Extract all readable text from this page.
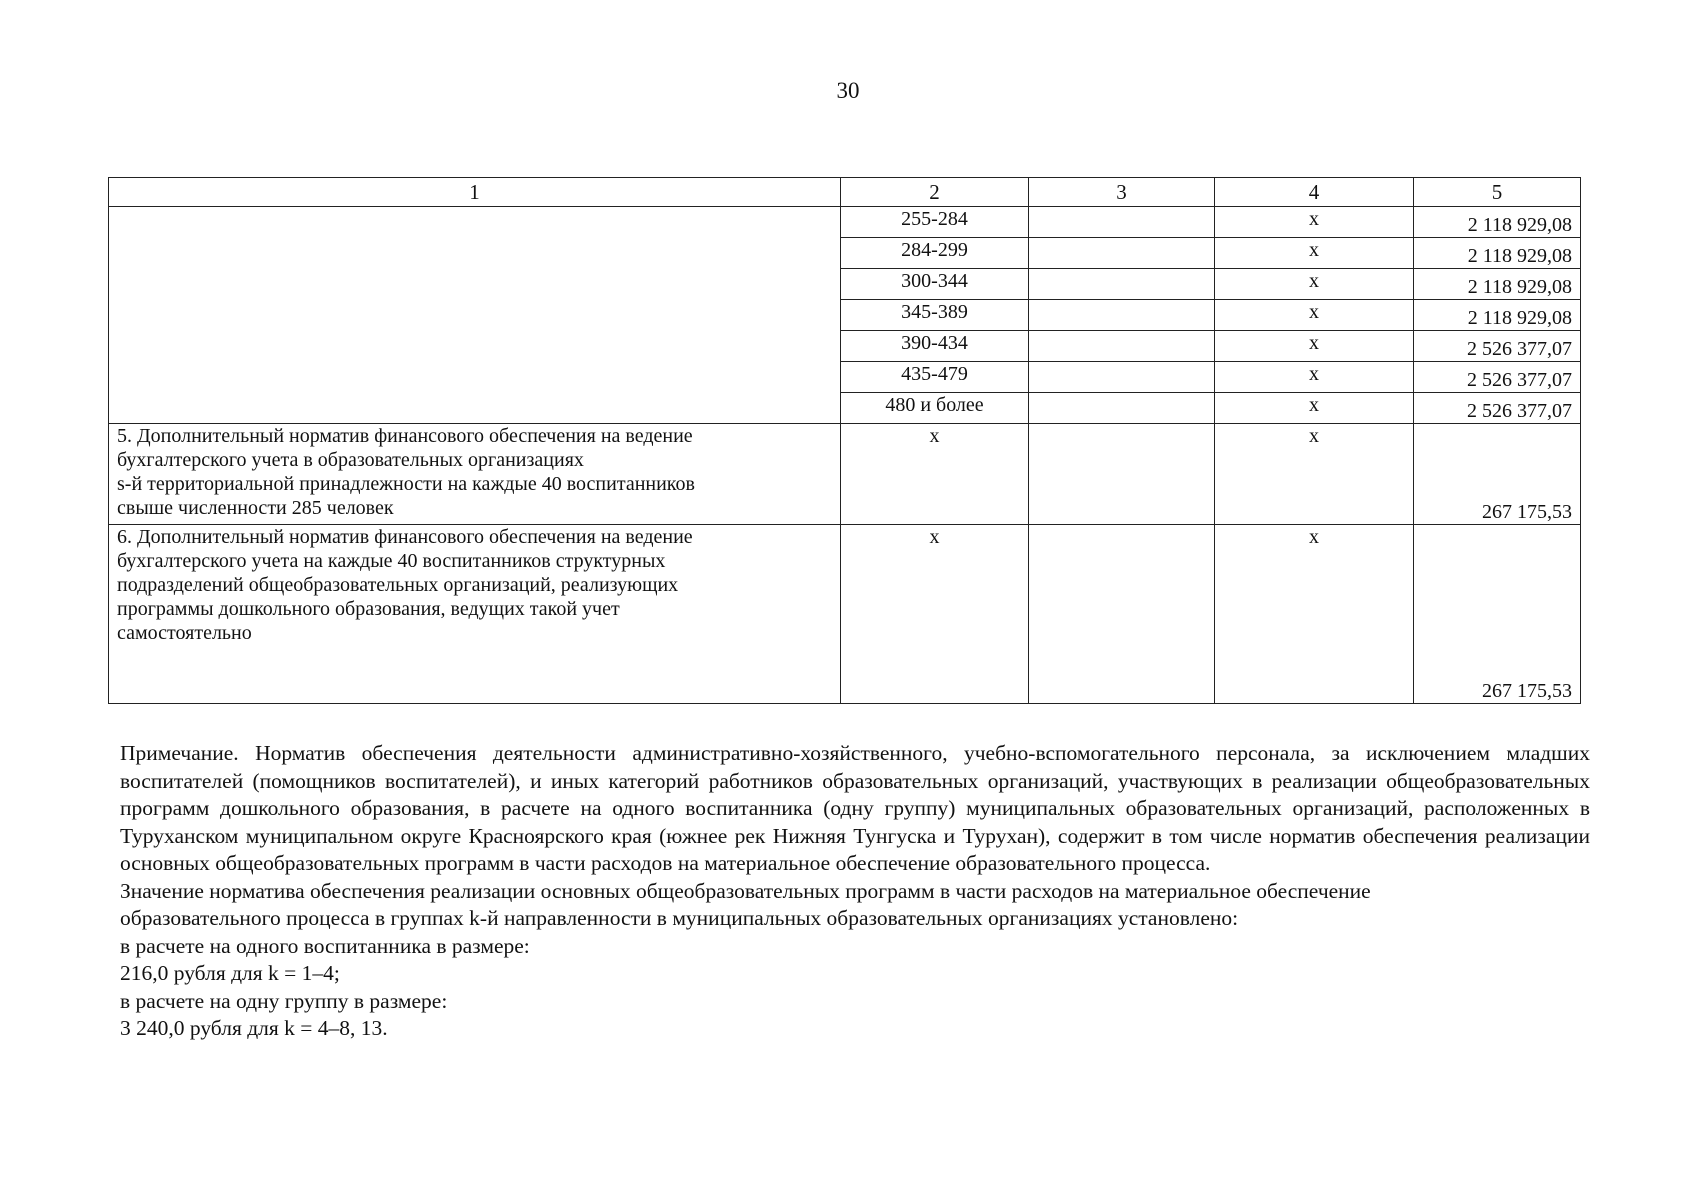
30
1	2	3	4	5
	255-284		x	2 118 929,08
	284-299		x	2 118 929,08
	300-344		x	2 118 929,08
	345-389		x	2 118 929,08
	390-434		x	2 526 377,07
	435-479		x	2 526 377,07
	480 и более		x	2 526 377,07

5. Дополнительный норматив финансового обеспечения на ведение
бухгалтерского учета в образовательных организациях
s-й территориальной принадлежности на каждые 40 воспитанников
свыше численности 285 человек	x		x	267 175,53

6. Дополнительный норматив финансового обеспечения на ведение
бухгалтерского учета на каждые 40 воспитанников структурных
подразделений общеобразовательных организаций, реализующих
программы дошкольного образования, ведущих такой учет
самостоятельно	x		x	267 175,53

Примечание. Норматив обеспечения деятельности административно-хозяйственного, учебно-вспомогательного персонала, за исключением младших воспитателей (помощников воспитателей), и иных категорий работников образовательных организаций, участвующих в реализации общеобразовательных программ дошкольного образования, в расчете на одного воспитанника (одну группу) муниципальных образовательных организаций, расположенных в Туруханском муниципальном округе Красноярского края (южнее рек Нижняя Тунгуска и Турухан), содержит в том числе норматив обеспечения реализации основных общеобразовательных программ в части расходов на материальное обеспечение образовательного процесса.

Значение норматива обеспечения реализации основных общеобразовательных программ в части расходов на материальное обеспечение

образовательного процесса в группах k-й направленности в муниципальных образовательных организациях установлено:

в расчете на одного воспитанника в размере:

216,0 рубля для k = 1–4;

в расчете на одну группу в размере:

3 240,0 рубля для k = 4–8, 13.
